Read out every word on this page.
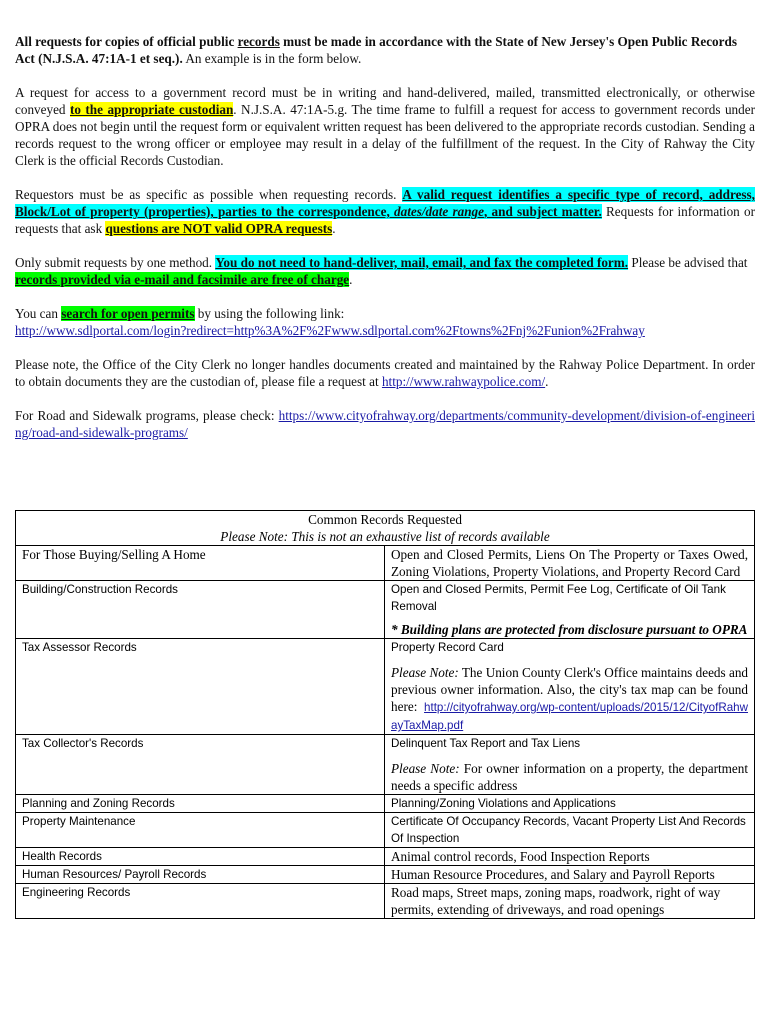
All requests for copies of official public records must be made in accordance with the State of New Jersey's Open Public Records Act (N.J.S.A. 47:1A-1 et seq.). An example is in the form below.

A request for access to a government record must be in writing and hand-delivered, mailed, transmitted electronically, or otherwise conveyed to the appropriate custodian. N.J.S.A. 47:1A-5.g. The time frame to fulfill a request for access to government records under OPRA does not begin until the request form or equivalent written request has been delivered to the appropriate records custodian. Sending a records request to the wrong officer or employee may result in a delay of the fulfillment of the request. In the City of Rahway the City Clerk is the official Records Custodian.

Requestors must be as specific as possible when requesting records. A valid request identifies a specific type of record, address, Block/Lot of property (properties), parties to the correspondence, dates/date range, and subject matter. Requests for information or requests that ask questions are NOT valid OPRA requests.

Only submit requests by one method. You do not need to hand-deliver, mail, email, and fax the completed form. Please be advised that records provided via e-mail and facsimile are free of charge.

You can search for open permits by using the following link:
http://www.sdlportal.com/login?redirect=http%3A%2F%2Fwww.sdlportal.com%2Ftowns%2Fnj%2Funion%2Frahway

Please note, the Office of the City Clerk no longer handles documents created and maintained by the Rahway Police Department. In order to obtain documents they are the custodian of, please file a request at http://www.rahwaypolice.com/.

For Road and Sidewalk programs, please check: https://www.cityofrahway.org/departments/community-development/division-of-engineering/road-and-sidewalk-programs/

Common Records Requested
Please Note: This is not an exhaustive list of records available	

For Those Buying/Selling A Home	Open and Closed Permits, Liens On The Property or Taxes Owed, Zoning Violations, Property Violations, and Property Record Card
Building/Construction Records	Open and Closed Permits, Permit Fee Log, Certificate of Oil Tank Removal
* Building plans are protected from disclosure pursuant to OPRA

Tax Assessor Records	Property Record Card
Please Note: The Union County Clerk's Office maintains deeds and previous owner information. Also, the city's tax map can be found here: http://cityofrahway.org/wp-content/uploads/2015/12/CityofRahwayTaxMap.pdf

Tax Collector's Records	Delinquent Tax Report and Tax Liens
Please Note: For owner information on a property, the department needs a specific address

Planning and Zoning Records	Planning/Zoning Violations and Applications
Property Maintenance	Certificate Of Occupancy Records, Vacant Property List And Records Of Inspection
Health Records	Animal control records, Food Inspection Reports
Human Resources/ Payroll Records	Human Resource Procedures, and Salary and Payroll Reports
Engineering Records	Road maps, Street maps, zoning maps, roadwork, right of way permits, extending of driveways, and road openings
